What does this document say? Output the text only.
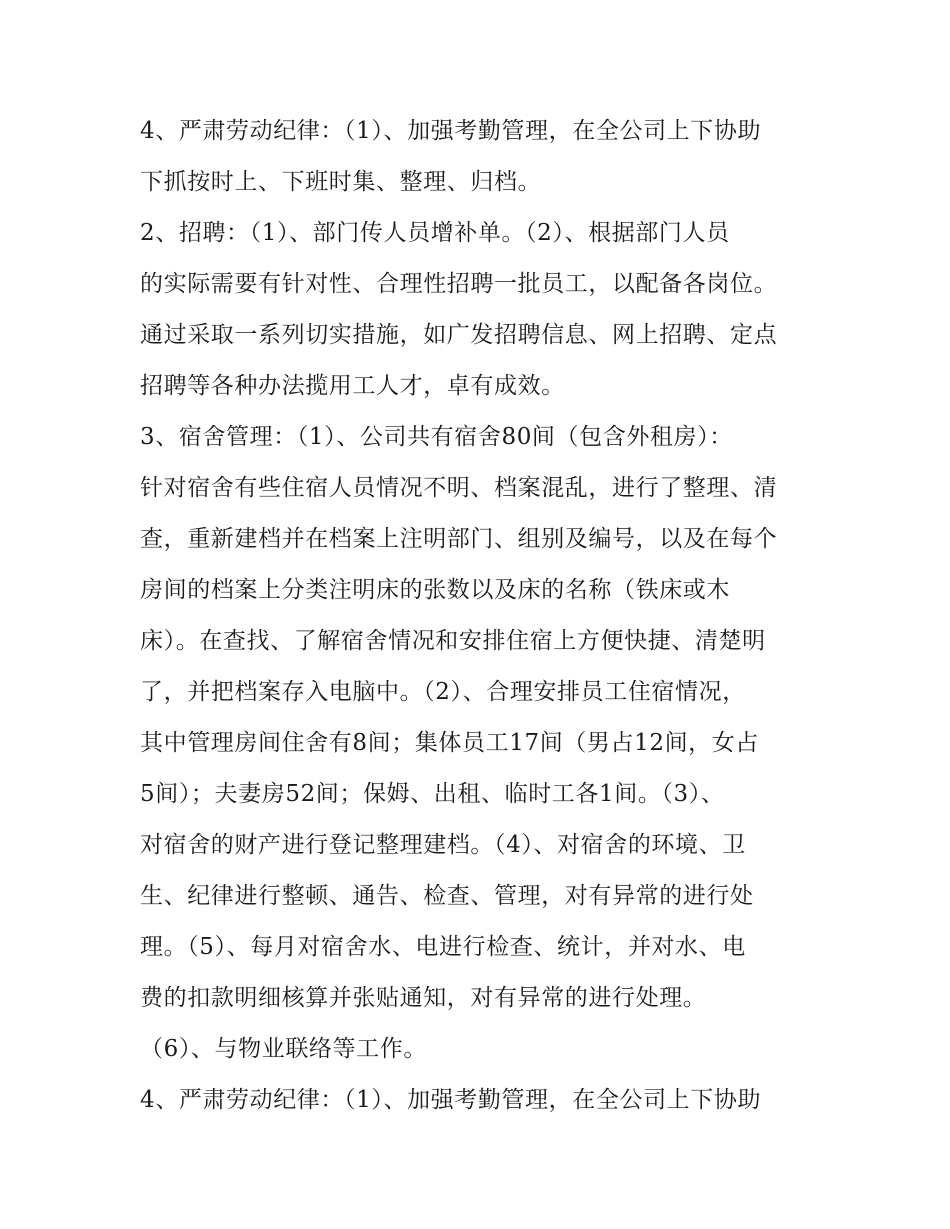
4、严肃劳动纪律：（1）、加强考勤管理，在全公司上下协助
下抓按时上、下班时集、整理、归档。
2、招聘：（1）、部门传人员增补单。（2）、根据部门人员
的实际需要有针对性、合理性招聘一批员工，以配备各岗位。
通过采取一系列切实措施，如广发招聘信息、网上招聘、定点
招聘等各种办法揽用工人才，卓有成效。
3、宿舍管理：（1）、公司共有宿舍80间（包含外租房）：
针对宿舍有些住宿人员情况不明、档案混乱，进行了整理、清
查，重新建档并在档案上注明部门、组别及编号，以及在每个
房间的档案上分类注明床的张数以及床的名称（铁床或木
床）。在查找、了解宿舍情况和安排住宿上方便快捷、清楚明
了，并把档案存入电脑中。（2）、合理安排员工住宿情况，
其中管理房间住舍有8间；集体员工17间（男占12间，女占
5间）；夫妻房52间；保姆、出租、临时工各1间。（3）、
对宿舍的财产进行登记整理建档。（4）、对宿舍的环境、卫
生、纪律进行整顿、通告、检查、管理，对有异常的进行处
理。（5）、每月对宿舍水、电进行检查、统计，并对水、电
费的扣款明细核算并张贴通知，对有异常的进行处理。
（6）、与物业联络等工作。
4、严肃劳动纪律：（1）、加强考勤管理，在全公司上下协助
